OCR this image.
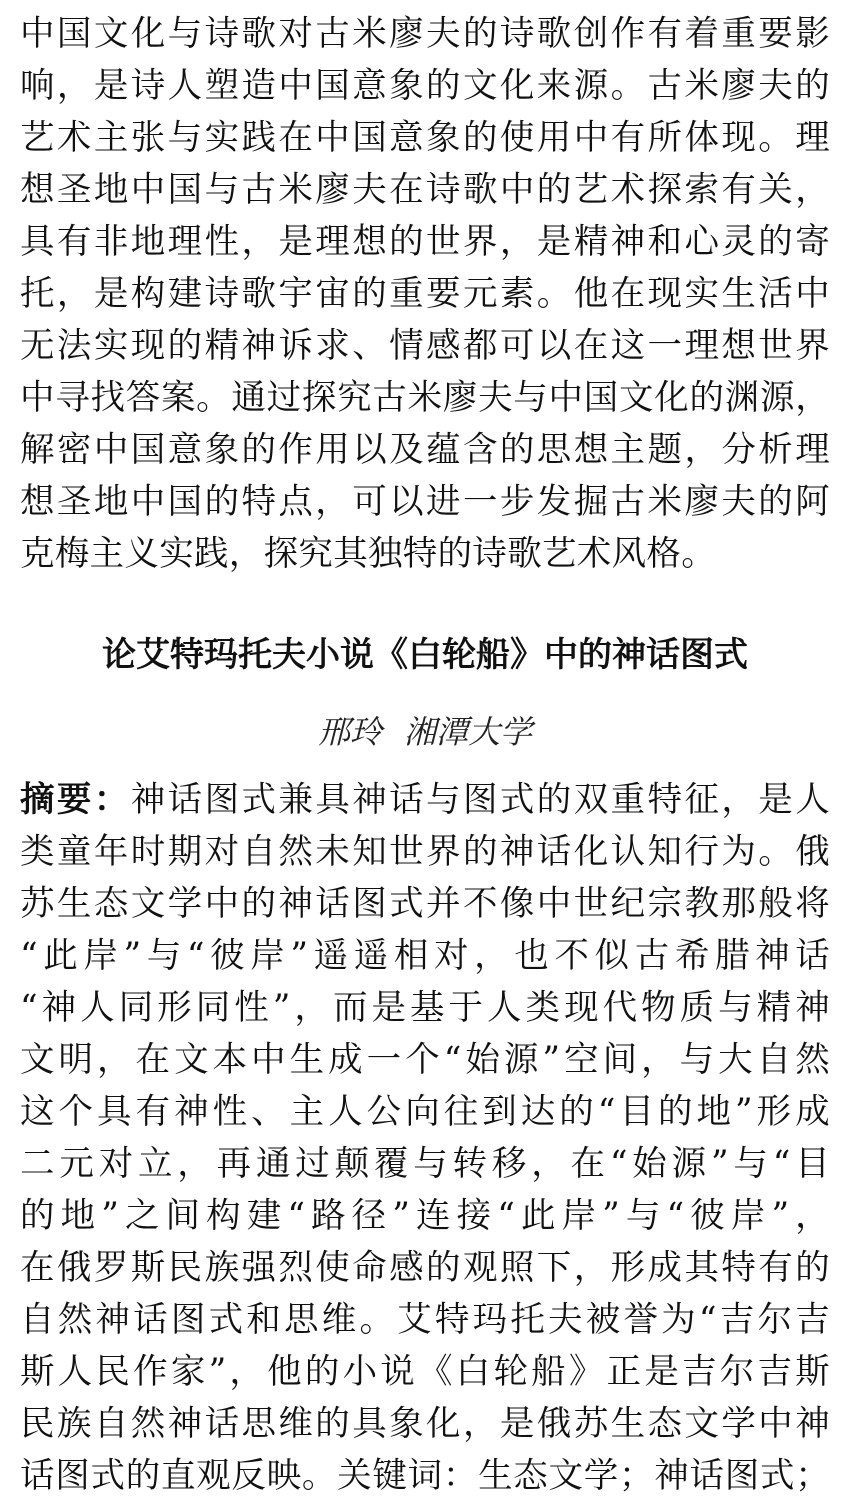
中国文化与诗歌对古米廖夫的诗歌创作有着重要影
响，是诗人塑造中国意象的文化来源。古米廖夫的
艺术主张与实践在中国意象的使用中有所体现。理
想圣地中国与古米廖夫在诗歌中的艺术探索有关，
具有非地理性，是理想的世界，是精神和心灵的寄
托，是构建诗歌宇宙的重要元素。他在现实生活中
无法实现的精神诉求、情感都可以在这一理想世界
中寻找答案。通过探究古米廖夫与中国文化的渊源，
解密中国意象的作用以及蕴含的思想主题，分析理
想圣地中国的特点，可以进一步发掘古米廖夫的阿
克梅主义实践，探究其独特的诗歌艺术风格。
论艾特玛托夫小说《白轮船》中的神话图式
邢玲 湘潭大学
摘要：神话图式兼具神话与图式的双重特征，是人
类童年时期对自然未知世界的神话化认知行为。俄
苏生态文学中的神话图式并不像中世纪宗教那般将
“此岸”与“彼岸”遥遥相对，也不似古希腊神话
“神人同形同性”，而是基于人类现代物质与精神
文明，在文本中生成一个“始源”空间，与大自然
这个具有神性、主人公向往到达的“目的地”形成
二元对立，再通过颠覆与转移，在“始源”与“目
的地”之间构建“路径”连接“此岸”与“彼岸”，
在俄罗斯民族强烈使命感的观照下，形成其特有的
自然神话图式和思维。艾特玛托夫被誉为“吉尔吉
斯人民作家”，他的小说《白轮船》正是吉尔吉斯
民族自然神话思维的具象化，是俄苏生态文学中神
话图式的直观反映。关键词：生态文学；神话图式；
